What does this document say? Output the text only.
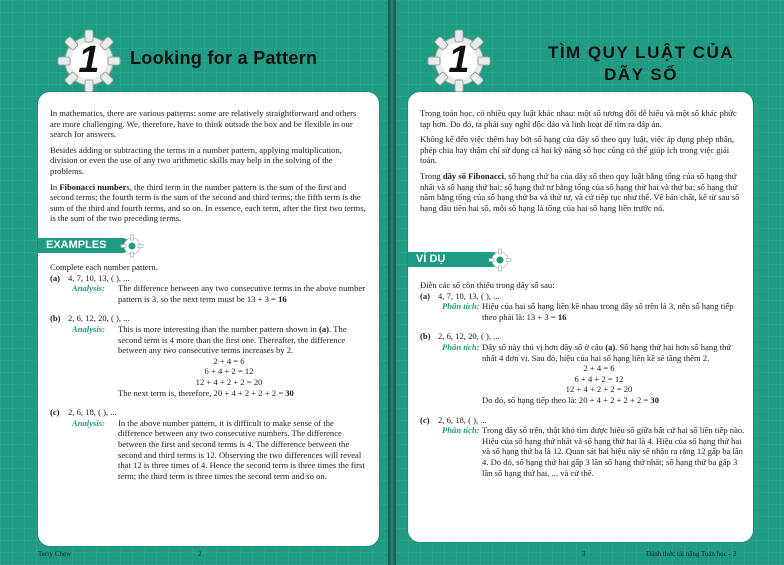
1	Looking for a Pattern

In mathematics, there are various patterns: some are relatively straightforward and others are more challenging. We, therefore, have to think outside the box and be flexible in our search for answers.

Besides adding or subtracting the terms in a number pattern, applying multiplication, division or even the use of any two arithmetic skills may help in the solving of the problems.

In Fibonacci numbers, the third term in the number pattern is the sum of the first and second terms; the fourth term is the sum of the second and third terms; the fifth term is the sum of the third and fourth terms, and so on. In essence, each term, after the first two terms, is the sum of the two preceding terms.

Complete each number pattern.
(a) 4, 7, 10, 13, ( ), ...
Analysis: The difference between any two consecutive terms in the above number pattern is 3, so the next term must be 13 + 3 = 16
(b) 2, 6, 12, 20, ( ), ...
Analysis: This is more interesting than the number pattern shown in (a). The second term is 4 more than the first one. Thereafter, the difference between any two consecutive terms increases by 2.
2 + 4 = 6
6 + 4 + 2 = 12
12 + 4 + 2 + 2 = 20
The next term is, therefore, 20 + 4 + 2 + 2 + 2 = 30
(c) 2, 6, 18, ( ), ...
Analysis: In the above number pattern, it is difficult to make sense of the difference between any two consecutive numbers. The difference between the first and second terms is 4. The difference between the second and third terms is 12. Observing the two differences will reveal that 12 is three times of 4. Hence the second term is three times the first term; the third term is three times the second term and so on.
EXAMPLES
Terry Chew	2
1	TÌM QUY LUẬT CỦA
DÃY SỐ

Trong toán học, có nhiều quy luật khác nhau: một số tương đối dễ hiểu và một số khác phức tạp hơn. Do đó, ta phải suy nghĩ độc đáo và linh hoạt để tìm ra đáp án.

Không kể đến việc thêm hay bớt số hạng của dãy số theo quy luật, việc áp dụng phép nhân, phép chia hay thậm chí sử dụng cả hai kỹ năng số học cũng có thể giúp ích trong việc giải toán.

Trong dãy số Fibonacci, số hạng thứ ba của dãy số theo quy luật bằng tổng của số hạng thứ nhất và số hạng thứ hai; số hạng thứ tư bằng tổng của số hạng thứ hai và thứ ba; số hạng thứ năm bằng tổng của số hạng thứ ba và thứ tư, và cứ tiếp tục như thế. Về bản chất, kể từ sau số hạng đầu tiên hai số, mỗi số hạng là tổng của hai số hạng liền trước nó.

Điền các số còn thiếu trong dãy số sau:
(a) 4, 7, 10, 13, ( ), ...
Phân tích: Hiệu của hai số hạng liền kề nhau trong dãy số trên là 3, nên số hạng tiếp theo phải là: 13 + 3 = 16
(b) 2, 6, 12, 20, ( ), ...
Phân tích: Dãy số này thú vị hơn dãy số ở câu (a). Số hạng thứ hai hơn số hạng thứ nhất 4 đơn vị. Sau đó, hiệu của hai số hạng liền kề sẽ tăng thêm 2.
2 + 4 = 6
6 + 4 + 2 = 12
12 + 4 + 2 + 2 = 20
Do đó, số hạng tiếp theo là: 20 + 4 + 2 + 2 + 2 = 30
(c) 2, 6, 18, ( ), ...
Phân tích: Trong dãy số trên, thật khó tìm được hiệu số giữa bất cứ hai số liền tiếp nào. Hiệu của số hạng thứ nhất và số hạng thứ hai là 4. Hiệu của số hạng thứ hai và số hạng thứ ba là 12. Quan sát hai hiệu này sẽ nhận ra rằng 12 gấp ba lần 4. Do đó, số hạng thứ hai gấp 3 lần số hạng thứ nhất; số hạng thứ ba gấp 3 lần số hạng thứ hai, ... và cứ thế.
VÍ DỤ
3	Đánh thức tài năng Toán học - 3
